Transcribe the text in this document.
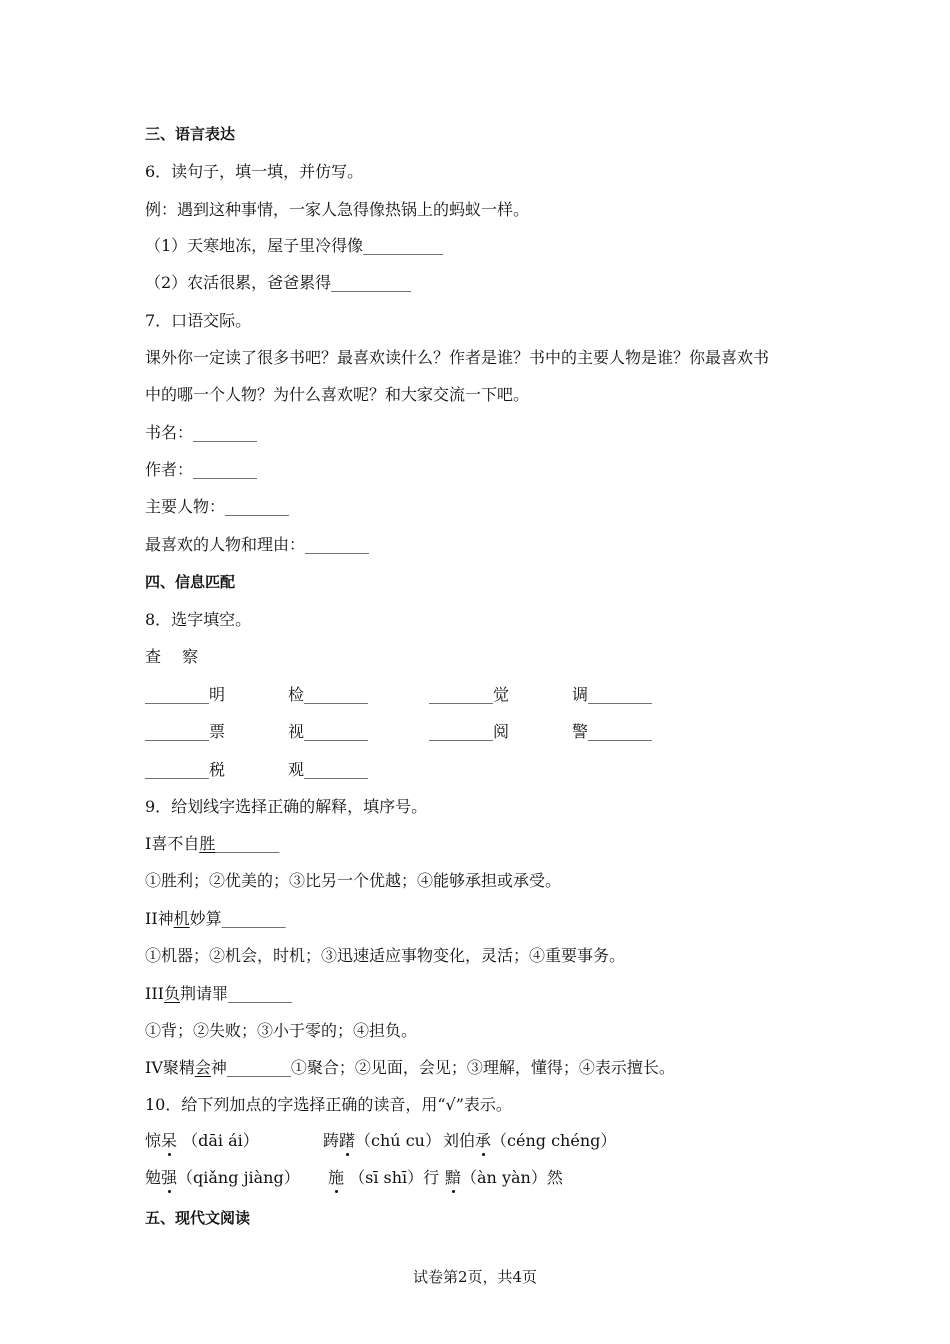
三、语言表达
6．读句子，填一填，并仿写。
例：遇到这种事情，一家人急得像热锅上的蚂蚁一样。
（1）天寒地冻，屋子里冷得像__________
（2）农活很累，爸爸累得__________
7．口语交际。
课外你一定读了很多书吧？最喜欢读什么？作者是谁？书中的主要人物是谁？你最喜欢书
中的哪一个人物？为什么喜欢呢？和大家交流一下吧。
书名：________
作者：________
主要人物：________
最喜欢的人物和理由：________
四、信息匹配
8．选字填空。
查　 察
________明	检________	________觉	调________
________票	视________	________阅	警________
________税	观________
9．给划线字选择正确的解释，填序号。
I喜不自胜________
①胜利；②优美的；③比另一个优越；④能够承担或承受。
II神机妙算________
①机器；②机会，时机；③迅速适应事物变化，灵活；④重要事务。
III负荆请罪________
①背；②失败；③小于零的；④担负。
IV聚精会神________①聚合；②见面，会见；③理解，懂得；④表示擅长。
10．给下列加点的字选择正确的读音，用“√”表示。
惊呆 （dāi ái）	踌躇（chú cu） 刘伯承（céng chéng）
勉强（qiǎng jiàng） 施 （sī shī）行 黯（àn yàn）然
五、现代文阅读
试卷第2页，共4页
